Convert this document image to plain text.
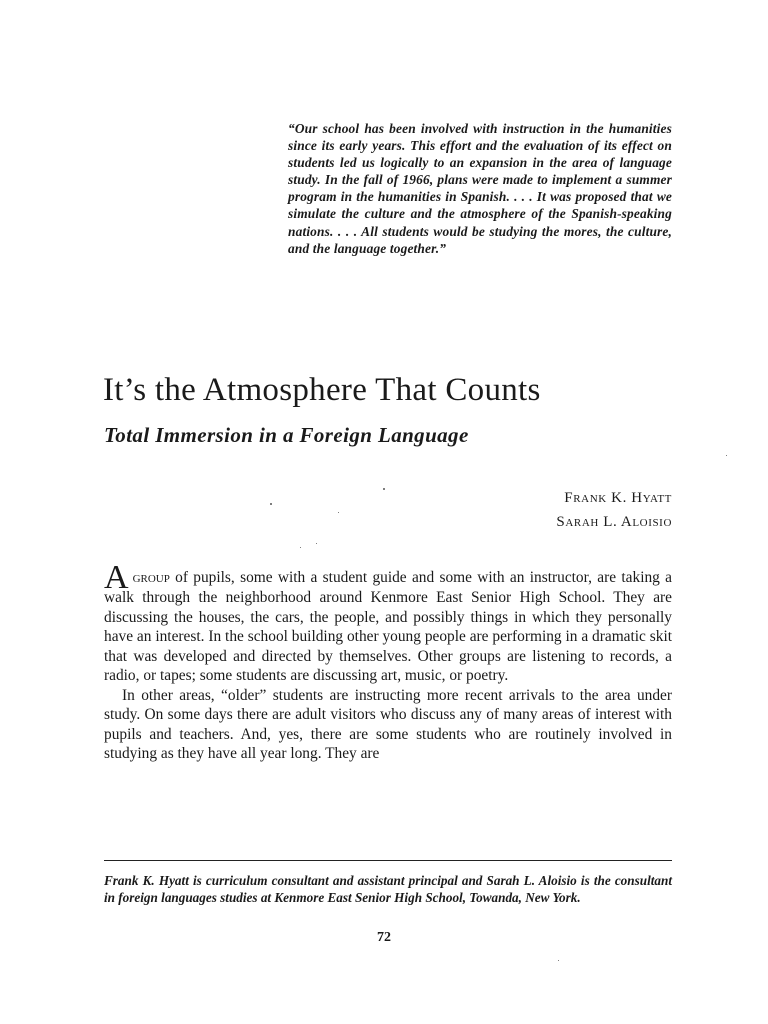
“Our school has been involved with instruction in the humanities since its early years. This effort and the evaluation of its effect on students led us logically to an expansion in the area of language study. In the fall of 1966, plans were made to implement a summer program in the humanities in Spanish. . . . It was proposed that we simulate the culture and the atmosphere of the Spanish-speaking nations. . . . All students would be studying the mores, the culture, and the language together.”

It’s the Atmosphere That Counts
Total Immersion in a Foreign Language
Frank K. Hyatt
Sarah L. Aloisio

Agroup of pupils, some with a student guide and some with an instructor, are taking a walk through the neighborhood around Kenmore East Senior High School. They are discussing the houses, the cars, the people, and possibly things in which they personally have an interest. In the school building other young people are performing in a dramatic skit that was developed and directed by themselves. Other groups are listening to records, a radio, or tapes; some students are discussing art, music, or poetry.

In other areas, “older” students are instructing more recent arrivals to the area under study. On some days there are adult visitors who discuss any of many areas of interest with pupils and teachers. And, yes, there are some students who are routinely involved in studying as they have all year long. They are

Frank K. Hyatt is curriculum consultant and assistant principal and Sarah L. Aloisio is the consultant in foreign languages studies at Kenmore East Senior High School, Towanda, New York.

72
